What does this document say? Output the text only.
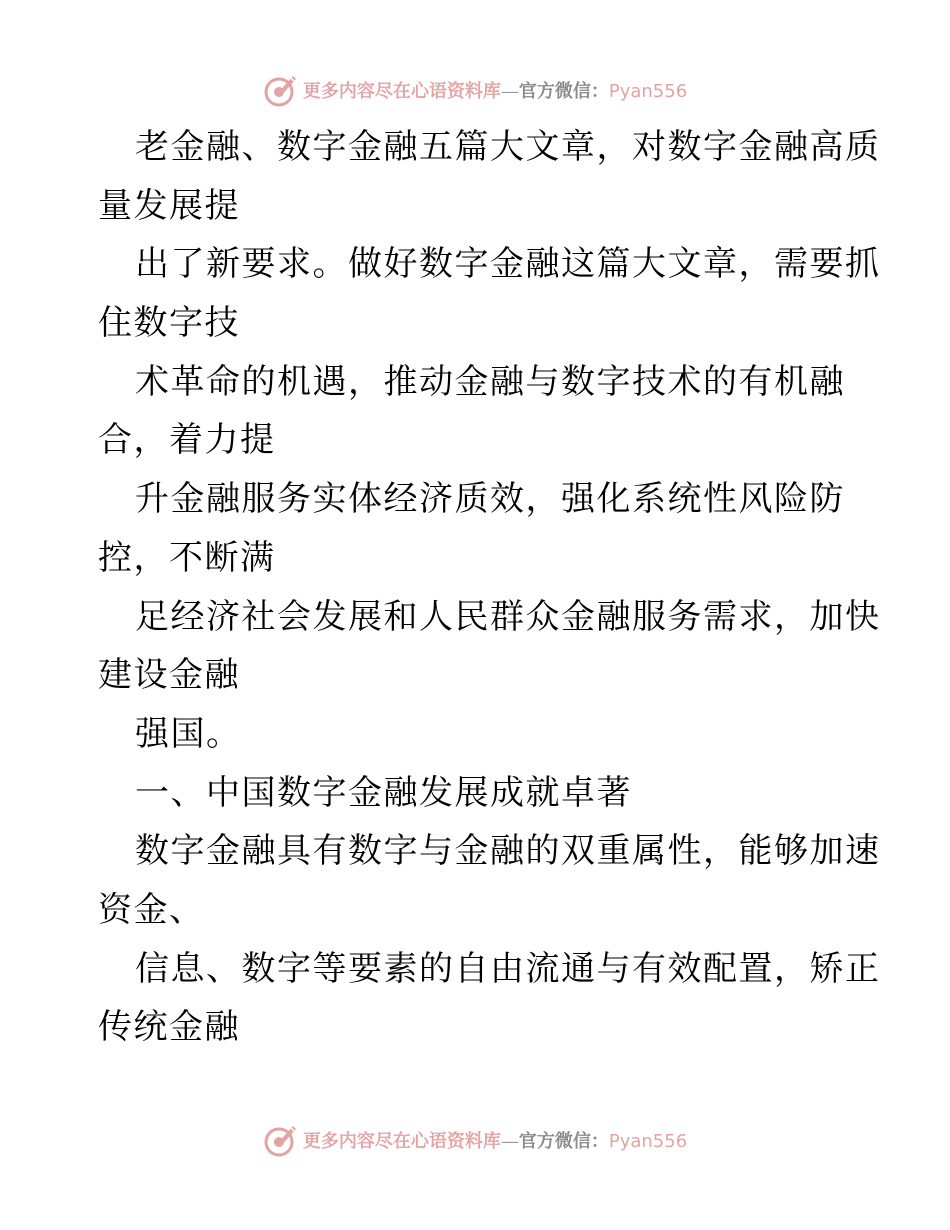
更多内容尽在心语资料库—官方微信：Pyan556
老金融、数字金融五篇大文章，对数字金融高质
量发展提
出了新要求。做好数字金融这篇大文章，需要抓
住数字技
术革命的机遇，推动金融与数字技术的有机融
合，着力提
升金融服务实体经济质效，强化系统性风险防
控，不断满
足经济社会发展和人民群众金融服务需求，加快
建设金融
强国。
一、中国数字金融发展成就卓著
数字金融具有数字与金融的双重属性，能够加速
资金、
信息、数字等要素的自由流通与有效配置，矫正
传统金融
更多内容尽在心语资料库—官方微信：Pyan556
